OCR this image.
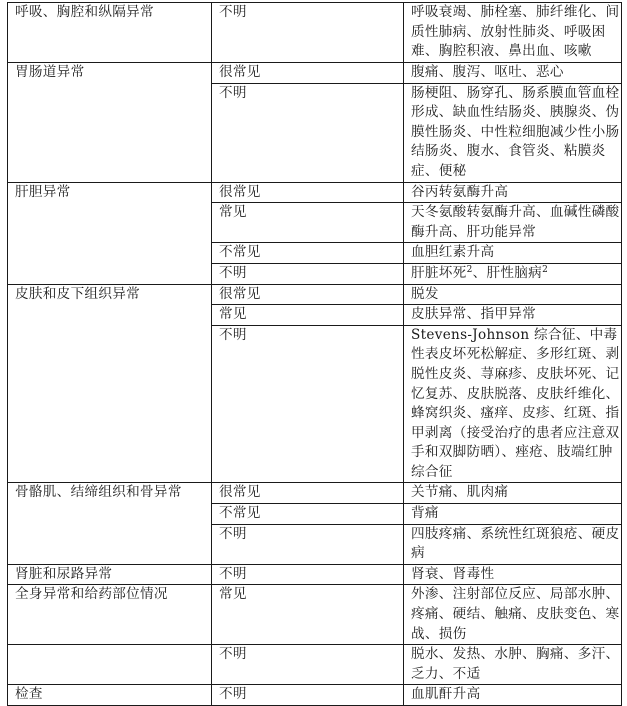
呼吸、胸腔和纵隔异常	不明	呼吸衰竭、肺栓塞、肺纤维化、间质性肺病、放射性肺炎、呼吸困难、胸腔积液、鼻出血、咳嗽
胃肠道异常	很常见	腹痛、腹泻、呕吐、恶心
	不明	肠梗阻、肠穿孔、肠系膜血管血栓形成、缺血性结肠炎、胰腺炎、伪膜性肠炎、中性粒细胞减少性小肠结肠炎、腹水、食管炎、粘膜炎症、便秘
肝胆异常	很常见	谷丙转氨酶升高
	常见	天冬氨酸转氨酶升高、血碱性磷酸酶升高、肝功能异常
	不常见	血胆红素升高
	不明	肝脏坏死$^2$、肝性脑病$^2$
皮肤和皮下组织异常	很常见	脱发
	常见	皮肤异常、指甲异常
	不明	Stevens-Johnson 综合征、中毒性表皮坏死松解症、多形红斑、剥脱性皮炎、荨麻疹、皮肤坏死、记忆复苏、皮肤脱落、皮肤纤维化、蜂窝织炎、瘙痒、皮疹、红斑、指甲剥离（接受治疗的患者应注意双手和双脚防晒）、痤疮、肢端红肿综合征
骨骼肌、结缔组织和骨异常	很常见	关节痛、肌肉痛
	不常见	背痛
	不明	四肢疼痛、系统性红斑狼疮、硬皮病
肾脏和尿路异常	不明	肾衰、肾毒性
全身异常和给药部位情况	常见	外渗、注射部位反应、局部水肿、疼痛、硬结、触痛、皮肤变色、寒战、损伤
	不明	脱水、发热、水肿、胸痛、多汗、乏力、不适
检查	不明	血肌酐升高
